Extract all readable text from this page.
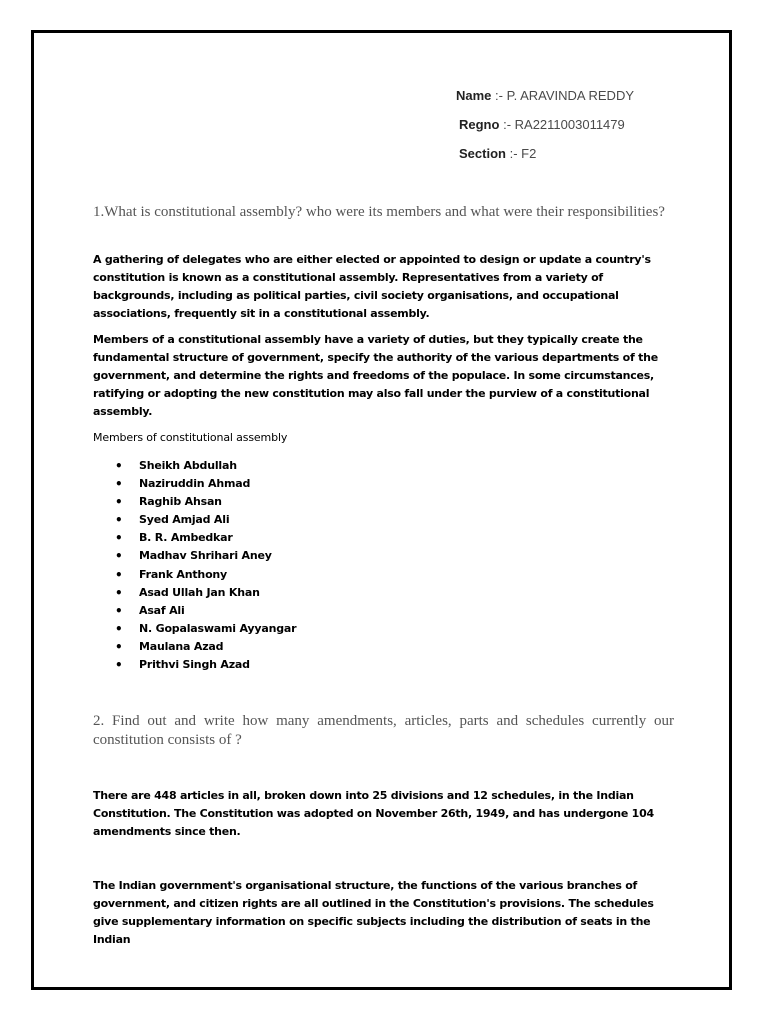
Name :- P. ARAVINDA REDDY
Regno :- RA2211003011479
Section :- F2
1.What is constitutional assembly? who were its members and what were their responsibilities?
A gathering of delegates who are either elected or appointed to design or update a country's constitution is known as a constitutional assembly. Representatives from a variety of backgrounds, including as political parties, civil society organisations, and occupational associations, frequently sit in a constitutional assembly.
Members of a constitutional assembly have a variety of duties, but they typically create the fundamental structure of government, specify the authority of the various departments of the government, and determine the rights and freedoms of the populace. In some circumstances, ratifying or adopting the new constitution may also fall under the purview of a constitutional assembly.
Members of constitutional assembly
• Sheikh Abdullah
• Naziruddin Ahmad
• Raghib Ahsan
• Syed Amjad Ali
• B. R. Ambedkar
• Madhav Shrihari Aney
• Frank Anthony
• Asad Ullah Jan Khan
• Asaf Ali
• N. Gopalaswami Ayyangar
• Maulana Azad
• Prithvi Singh Azad
2. Find out and write how many amendments, articles, parts and schedules currently our constitution consists of ?
There are 448 articles in all, broken down into 25 divisions and 12 schedules, in the Indian Constitution. The Constitution was adopted on November 26th, 1949, and has undergone 104 amendments since then.
The Indian government's organisational structure, the functions of the various branches of government, and citizen rights are all outlined in the Constitution's provisions. The schedules give supplementary information on specific subjects including the distribution of seats in the Indian
